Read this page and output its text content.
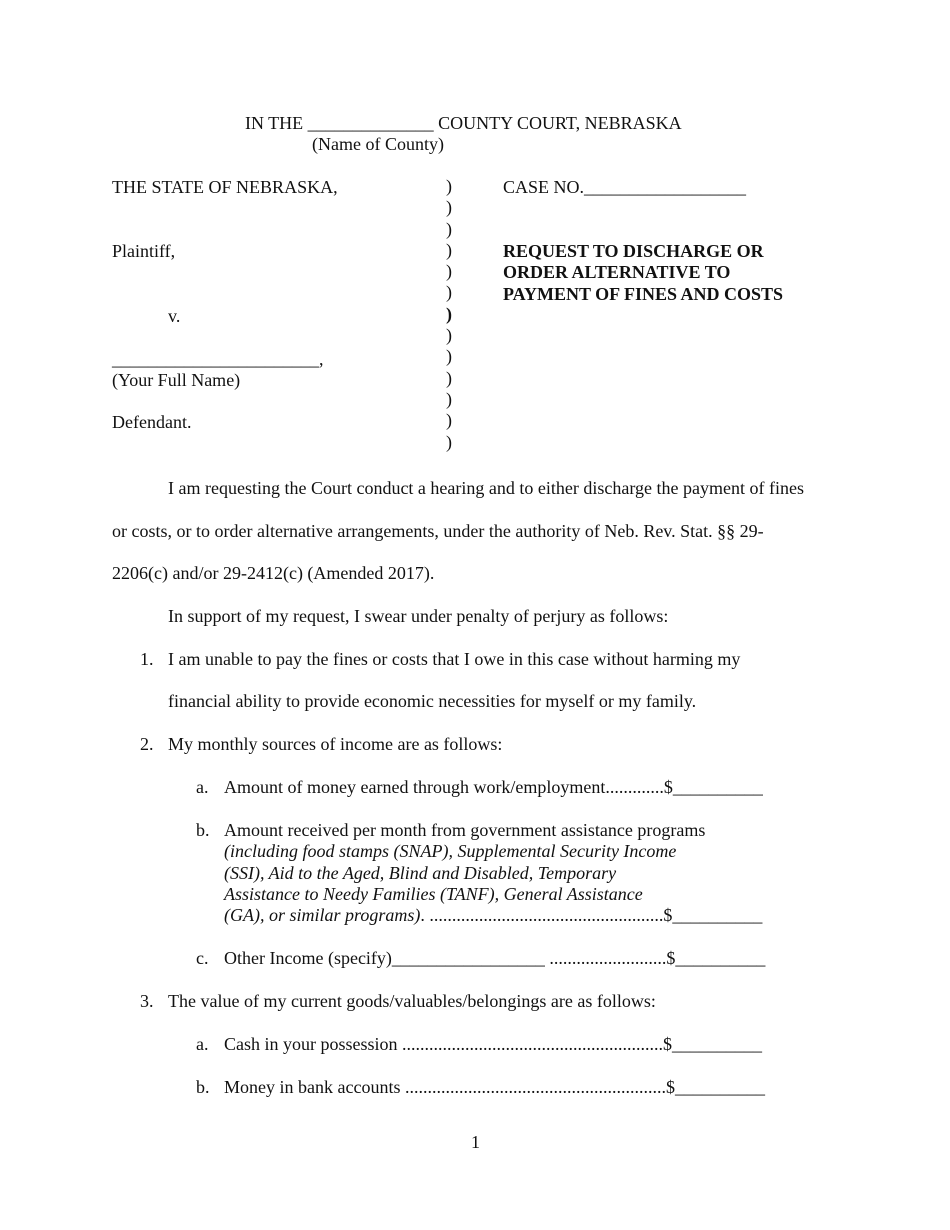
IN THE ______________ COUNTY COURT, NEBRASKA
(Name of County)
THE STATE OF NEBRASKA,
Plaintiff,
v.
_______________________,
(Your Full Name)
Defendant.
)
)
)
)
)
)
)
)
)
)
)
)
)
CASE NO.__________________
REQUEST TO DISCHARGE OR
ORDER ALTERNATIVE TO
PAYMENT OF FINES AND COSTS
I am requesting the Court conduct a hearing and to either discharge the payment of fines
or costs, or to order alternative arrangements, under the authority of Neb. Rev. Stat. §§ 29-
2206(c) and/or 29-2412(c) (Amended 2017).
In support of my request, I swear under penalty of perjury as follows:
1. I am unable to pay the fines or costs that I owe in this case without harming my
financial ability to provide economic necessities for myself or my family.
2. My monthly sources of income are as follows:
a. Amount of money earned through work/employment.............$__________
b. Amount received per month from government assistance programs
(including food stamps (SNAP), Supplemental Security Income
(SSI), Aid to the Aged, Blind and Disabled, Temporary
Assistance to Needy Families (TANF), General Assistance
(GA), or similar programs). ....................................................$__________
c. Other Income (specify)_________________ ..........................$__________
3. The value of my current goods/valuables/belongings are as follows:
a. Cash in your possession ..........................................................$__________
b. Money in bank accounts ..........................................................$__________
1
